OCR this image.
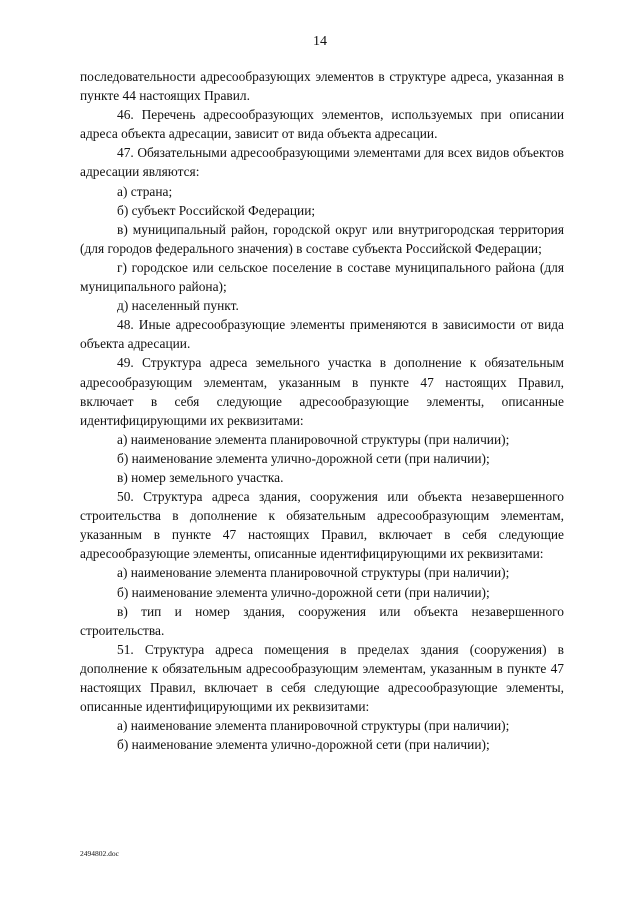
14

последовательности адресообразующих элементов в структуре адреса, указанная в пункте 44 настоящих Правил.

46. Перечень адресообразующих элементов, используемых при описании адреса объекта адресации, зависит от вида объекта адресации.

47. Обязательными адресообразующими элементами для всех видов объектов адресации являются:

а) страна;

б) субъект Российской Федерации;

в) муниципальный район, городской округ или внутригородская территория (для городов федерального значения) в составе субъекта Российской Федерации;

г) городское или сельское поселение в составе муниципального района (для муниципального района);

д) населенный пункт.

48. Иные адресообразующие элементы применяются в зависимости от вида объекта адресации.

49. Структура адреса земельного участка в дополнение к обязательным адресообразующим элементам, указанным в пункте 47 настоящих Правил, включает в себя следующие адресообразующие элементы, описанные идентифицирующими их реквизитами:

а) наименование элемента планировочной структуры (при наличии);

б) наименование элемента улично-дорожной сети (при наличии);

в) номер земельного участка.

50. Структура адреса здания, сооружения или объекта незавершенного строительства в дополнение к обязательным адресообразующим элементам, указанным в пункте 47 настоящих Правил, включает в себя следующие адресообразующие элементы, описанные идентифицирующими их реквизитами:

а) наименование элемента планировочной структуры (при наличии);

б) наименование элемента улично-дорожной сети (при наличии);

в) тип и номер здания, сооружения или объекта незавершенного строительства.

51. Структура адреса помещения в пределах здания (сооружения) в дополнение к обязательным адресообразующим элементам, указанным в пункте 47 настоящих Правил, включает в себя следующие адресообразующие элементы, описанные идентифицирующими их реквизитами:

а) наименование элемента планировочной структуры (при наличии);

б) наименование элемента улично-дорожной сети (при наличии);

2494802.doc
